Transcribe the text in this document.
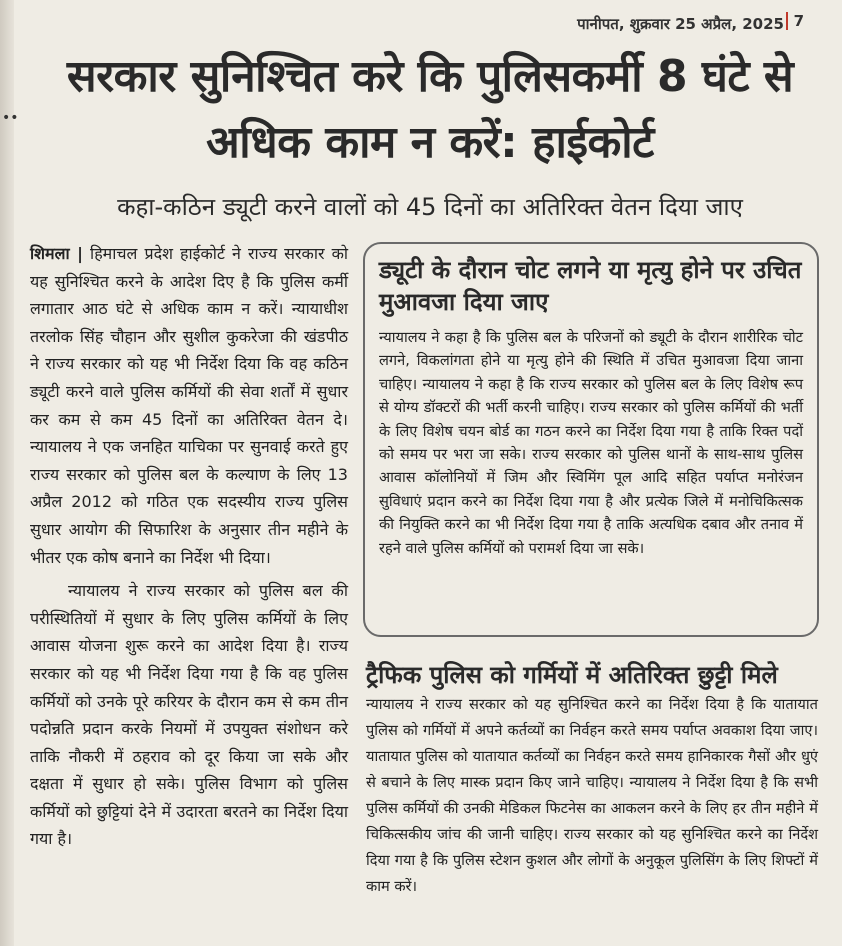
••
पानीपत, शुक्रवार 25 अप्रैल, 2025 7
सरकार सुनिश्चित करे कि पुलिसकर्मी 8 घंटे से अधिक काम न करें: हाईकोर्ट
कहा-कठिन ड्यूटी करने वालों को 45 दिनों का अतिरिक्त वेतन दिया जाए

शिमला | हिमाचल प्रदेश हाईकोर्ट ने राज्य सरकार को यह सुनिश्चित करने के आदेश दिए है कि पुलिस कर्मी लगातार आठ घंटे से अधिक काम न करें। न्यायाधीश तरलोक सिंह चौहान और सुशील कुकरेजा की खंडपीठ ने राज्य सरकार को यह भी निर्देश दिया कि वह कठिन ड्यूटी करने वाले पुलिस कर्मियों की सेवा शर्तों में सुधार कर कम से कम 45 दिनों का अतिरिक्त वेतन दे। न्यायालय ने एक जनहित याचिका पर सुनवाई करते हुए राज्य सरकार को पुलिस बल के कल्याण के लिए 13 अप्रैल 2012 को गठित एक सदस्यीय राज्य पुलिस सुधार आयोग की सिफारिश के अनुसार तीन महीने के भीतर एक कोष बनाने का निर्देश भी दिया।

न्यायालय ने राज्य सरकार को पुलिस बल की परीस्थितियों में सुधार के लिए पुलिस कर्मियों के लिए आवास योजना शुरू करने का आदेश दिया है। राज्य सरकार को यह भी निर्देश दिया गया है कि वह पुलिस कर्मियों को उनके पूरे करियर के दौरान कम से कम तीन पदोन्नति प्रदान करके नियमों में उपयुक्त संशोधन करे ताकि नौकरी में ठहराव को दूर किया जा सके और दक्षता में सुधार हो सके। पुलिस विभाग को पुलिस कर्मियों को छुट्टियां देने में उदारता बरतने का निर्देश दिया गया है।

ड्यूटी के दौरान चोट लगने या मृत्यु होने पर उचित मुआवजा दिया जाए

न्यायालय ने कहा है कि पुलिस बल के परिजनों को ड्यूटी के दौरान शारीरिक चोट लगने, विकलांगता होने या मृत्यु होने की स्थिति में उचित मुआवजा दिया जाना चाहिए। न्यायालय ने कहा है कि राज्य सरकार को पुलिस बल के लिए विशेष रूप से योग्य डॉक्टरों की भर्ती करनी चाहिए। राज्य सरकार को पुलिस कर्मियों की भर्ती के लिए विशेष चयन बोर्ड का गठन करने का निर्देश दिया गया है ताकि रिक्त पदों को समय पर भरा जा सके। राज्य सरकार को पुलिस थानों के साथ-साथ पुलिस आवास कॉलोनियों में जिम और स्विमिंग पूल आदि सहित पर्याप्त मनोरंजन सुविधाएं प्रदान करने का निर्देश दिया गया है और प्रत्येक जिले में मनोचिकित्सक की नियुक्ति करने का भी निर्देश दिया गया है ताकि अत्यधिक दबाव और तनाव में रहने वाले पुलिस कर्मियों को परामर्श दिया जा सके।

ट्रैफिक पुलिस को गर्मियों में अतिरिक्त छुट्टी मिले

न्यायालय ने राज्य सरकार को यह सुनिश्चित करने का निर्देश दिया है कि यातायात पुलिस को गर्मियों में अपने कर्तव्यों का निर्वहन करते समय पर्याप्त अवकाश दिया जाए। यातायात पुलिस को यातायात कर्तव्यों का निर्वहन करते समय हानिकारक गैसों और धुएं से बचाने के लिए मास्क प्रदान किए जाने चाहिए। न्यायालय ने निर्देश दिया है कि सभी पुलिस कर्मियों की उनकी मेडिकल फिटनेस का आकलन करने के लिए हर तीन महीने में चिकित्सकीय जांच की जानी चाहिए। राज्य सरकार को यह सुनिश्चित करने का निर्देश दिया गया है कि पुलिस स्टेशन कुशल और लोगों के अनुकूल पुलिसिंग के लिए शिफ्टों में काम करें।
